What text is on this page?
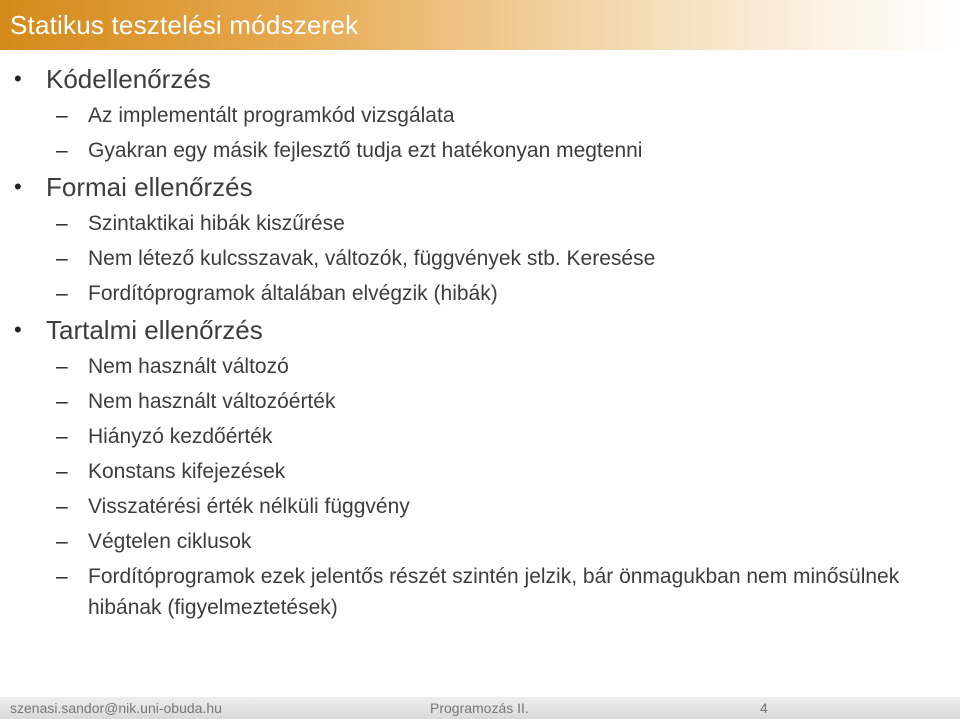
Statikus tesztelési módszerek
• Kódellenőrzés
– Az implementált programkód vizsgálata
– Gyakran egy másik fejlesztő tudja ezt hatékonyan megtenni
• Formai ellenőrzés
– Szintaktikai hibák kiszűrése
– Nem létező kulcsszavak, változók, függvények stb. Keresése
– Fordítóprogramok általában elvégzik (hibák)
• Tartalmi ellenőrzés
– Nem használt változó
– Nem használt változóérték
– Hiányzó kezdőérték
– Konstans kifejezések
– Visszatérési érték nélküli függvény
– Végtelen ciklusok
– Fordítóprogramok ezek jelentős részét szintén jelzik, bár önmagukban nem minősülnek hibának (figyelmeztetések)
szenasi.sandor@nik.uni-obuda.hu	Programozás II.	4
